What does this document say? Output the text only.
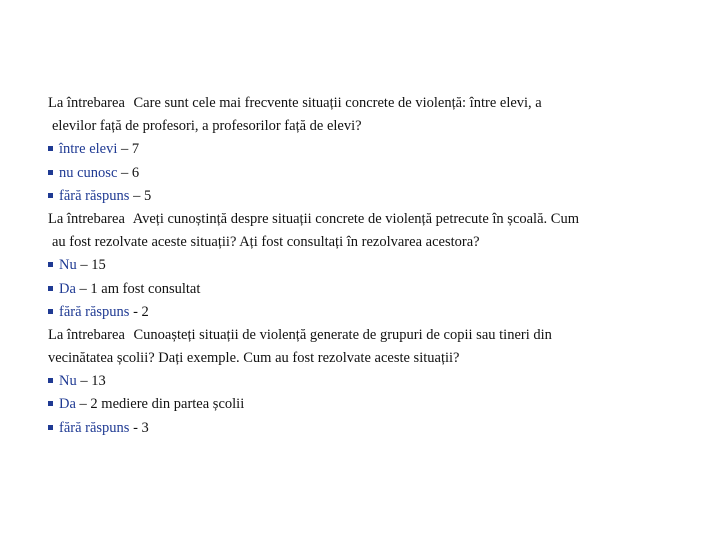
La întrebarea Care sunt cele mai frecvente situații concrete de violență: între elevi, a
elevilor față de profesori, a profesorilor față de elevi?
între elevi – 7
nu cunosc – 6
fără răspuns – 5
La întrebarea Aveți cunoștință despre situații concrete de violență petrecute în școală. Cum
au fost rezolvate aceste situații? Ați fost consultați în rezolvarea acestora?
Nu – 15
Da – 1 am fost consultat
fără răspuns - 2
La întrebarea Cunoașteți situații de violență generate de grupuri de copii sau tineri din
vecinătatea școlii? Dați exemple. Cum au fost rezolvate aceste situații?
Nu – 13
Da – 2 mediere din partea școlii
fără răspuns - 3
